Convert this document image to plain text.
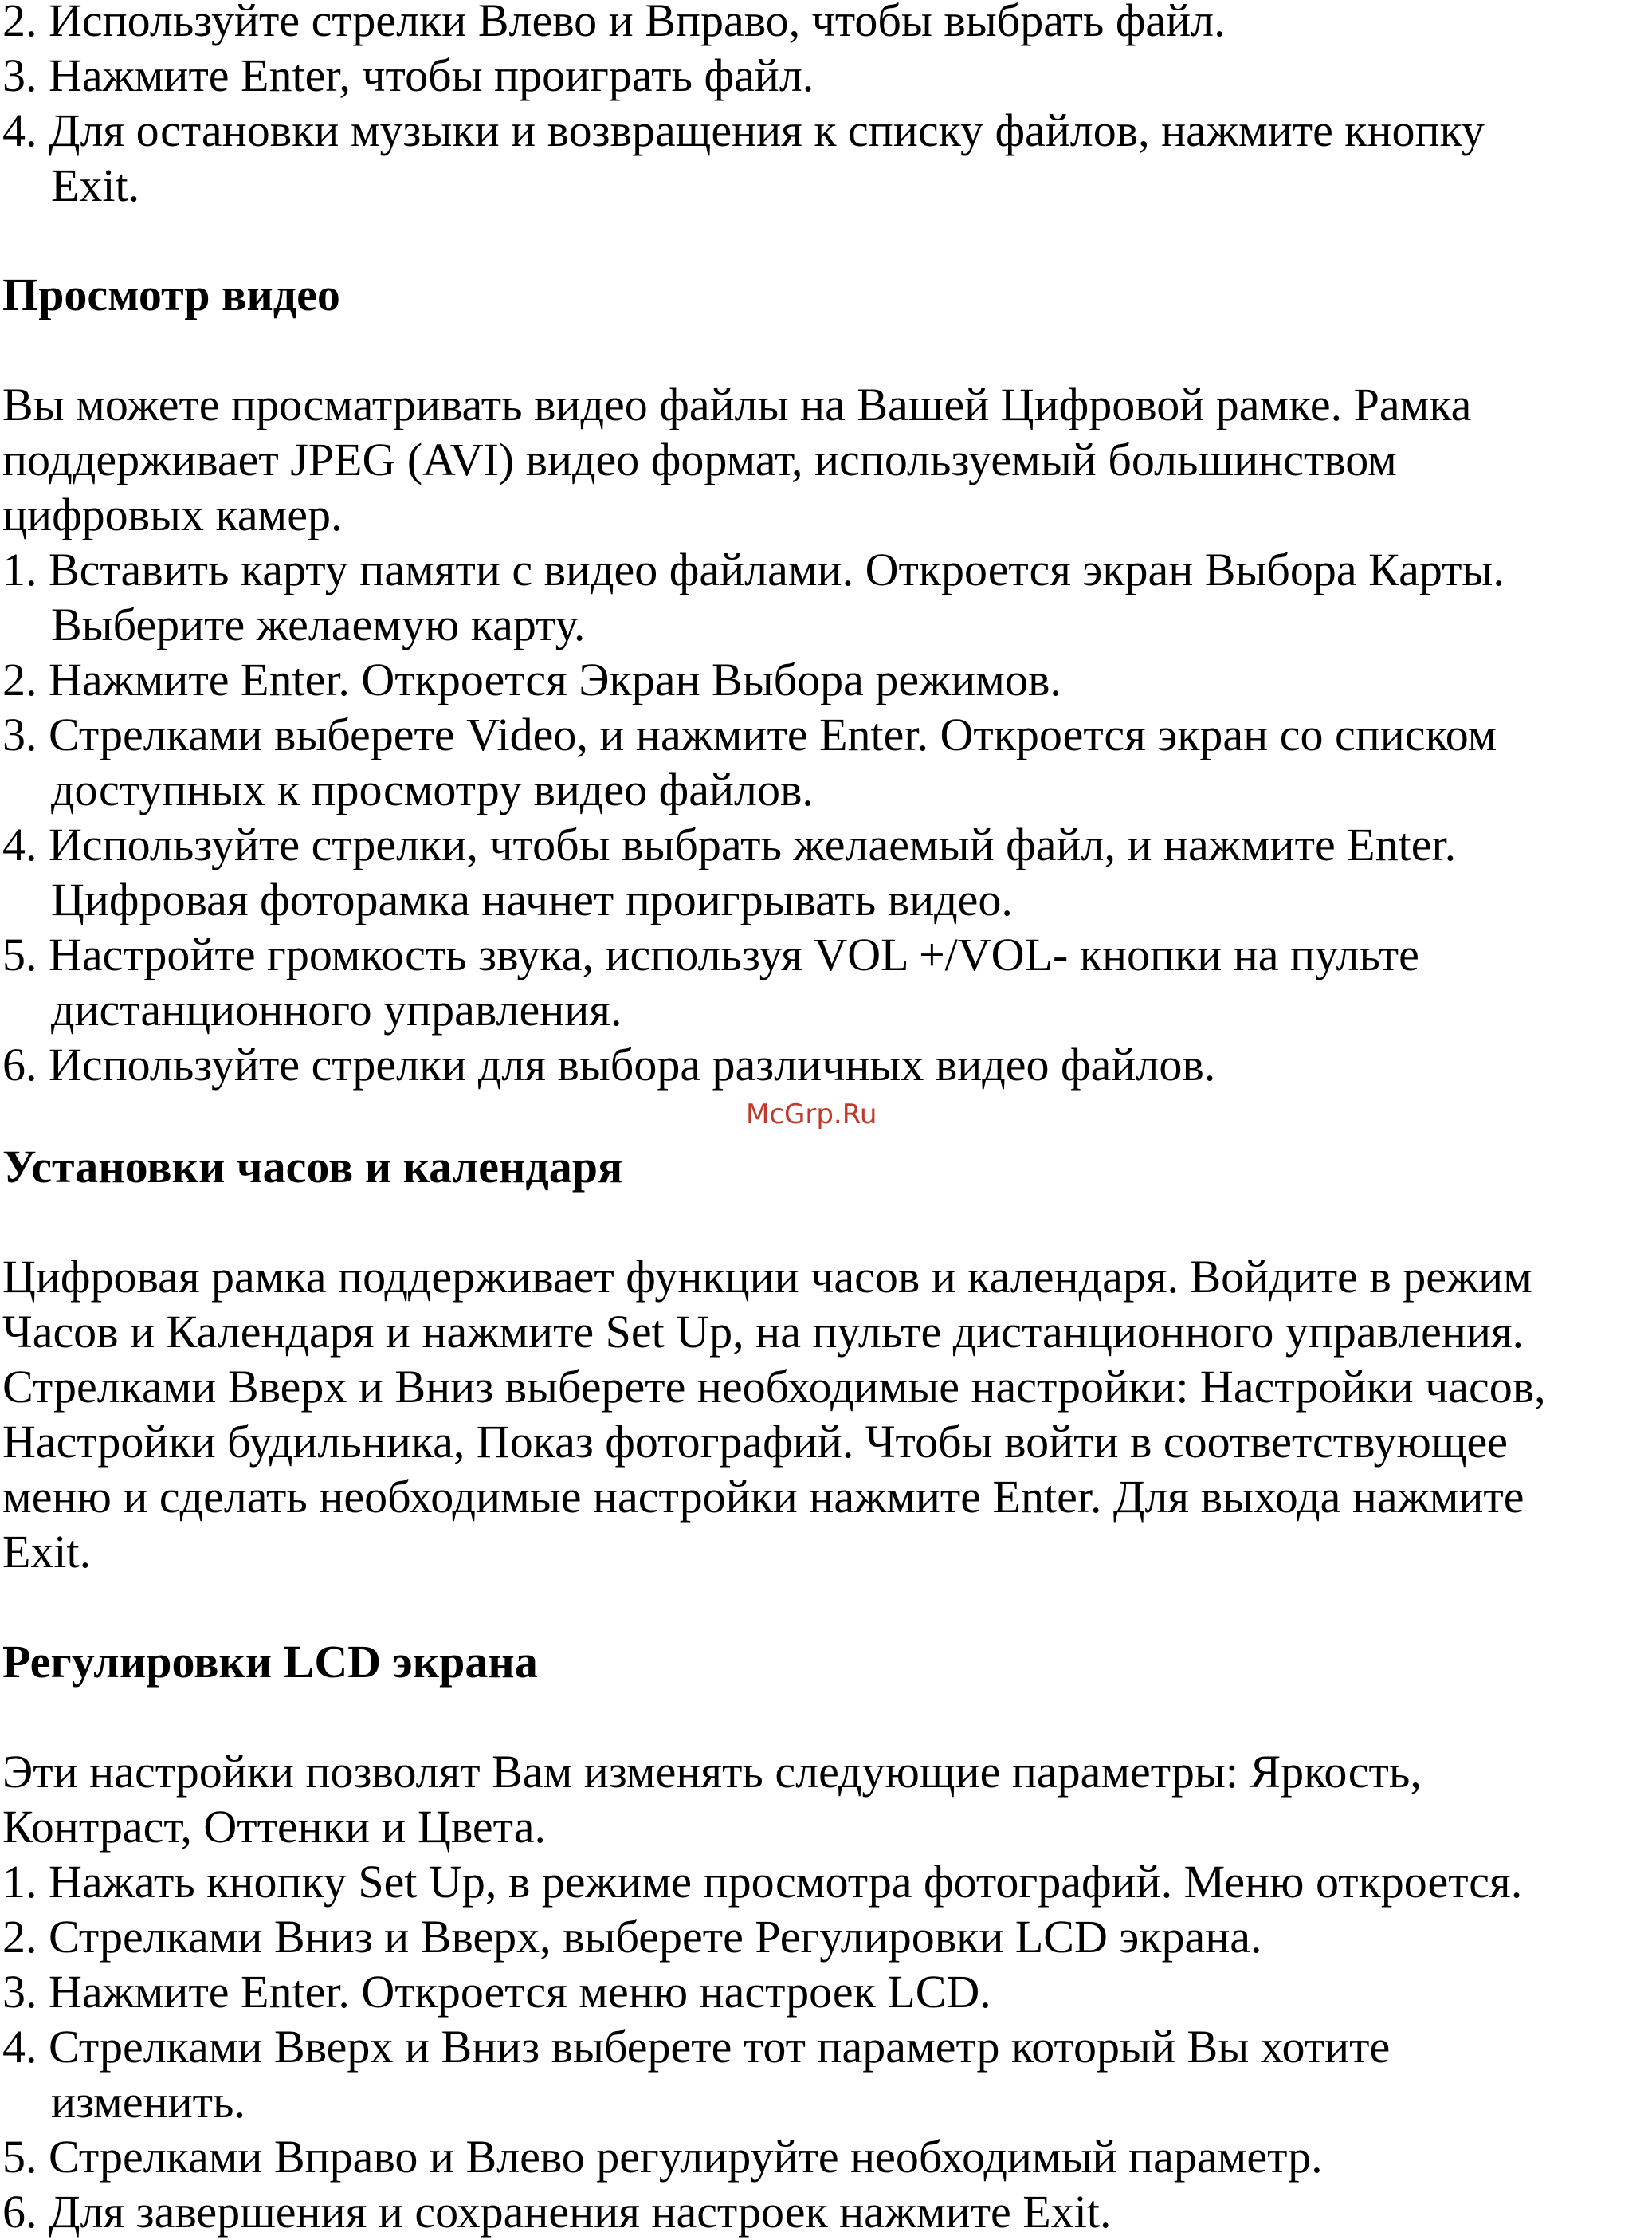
2. Используйте стрелки Влево и Вправо, чтобы выбрать файл.
3. Нажмите Enter, чтобы проиграть файл.
4. Для остановки музыки и возвращения к списку файлов, нажмите кнопку
Exit.
Просмотр видео
Вы можете просматривать видео файлы на Вашей Цифровой рамке. Рамка
поддерживает JPEG (AVI) видео формат, используемый большинством
цифровых камер.
1. Вставить карту памяти с видео файлами. Откроется экран Выбора Карты.
Выберите желаемую карту.
2. Нажмите Enter. Откроется Экран Выбора режимов.
3. Стрелками выберете Video, и нажмите Enter. Откроется экран со списком
доступных к просмотру видео файлов.
4. Используйте стрелки, чтобы выбрать желаемый файл, и нажмите Enter.
Цифровая фоторамка начнет проигрывать видео.
5. Настройте громкость звука, используя VOL +/VOL- кнопки на пульте
дистанционного управления.
6. Используйте стрелки для выбора различных видео файлов.
McGrp.Ru
Установки часов и календаря
Цифровая рамка поддерживает функции часов и календаря. Войдите в режим
Часов и Календаря и нажмите Set Up, на пульте дистанционного управления.
Стрелками Вверх и Вниз выберете необходимые настройки: Настройки часов,
Настройки будильника, Показ фотографий. Чтобы войти в соответствующее
меню и сделать необходимые настройки нажмите Enter. Для выхода нажмите
Exit.
Регулировки LCD экрана
Эти настройки позволят Вам изменять следующие параметры: Яркость,
Контраст, Оттенки и Цвета.
1. Нажать кнопку Set Up, в режиме просмотра фотографий. Меню откроется.
2. Стрелками Вниз и Вверх, выберете Регулировки LCD экрана.
3. Нажмите Enter. Откроется меню настроек LCD.
4. Стрелками Вверх и Вниз выберете тот параметр который Вы хотите
изменить.
5. Стрелками Вправо и Влево регулируйте необходимый параметр.
6. Для завершения и сохранения настроек нажмите Exit.
